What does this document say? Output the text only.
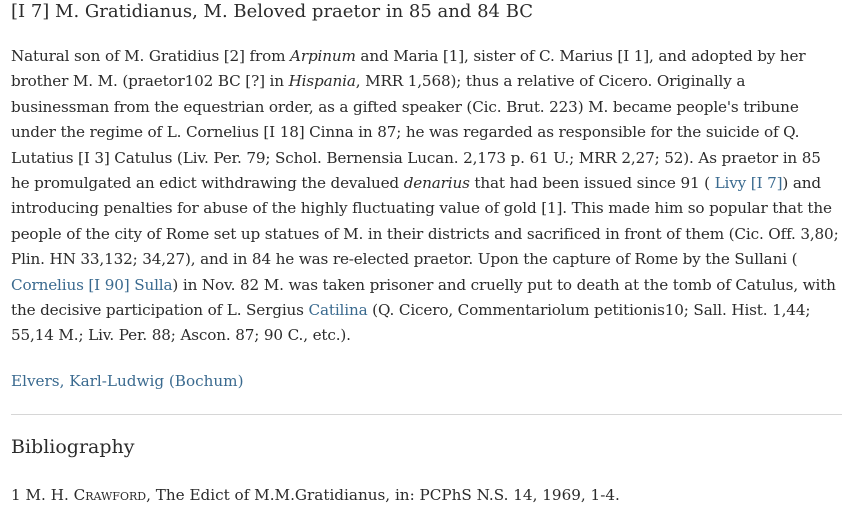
[I 7] M. Gratidianus, M. Beloved praetor in 85 and 84 BC

Natural son of M. Gratidius [2] from Arpinum and Maria [1], sister of C. Marius [I 1], and adopted by her brother M. M. (praetor102 BC [?] in Hispania, MRR 1,568); thus a relative of Cicero. Originally a businessman from the equestrian order, as a gifted speaker (Cic. Brut. 223) M. became people's tribune under the regime of L. Cornelius [I 18] Cinna in 87; he was regarded as responsible for the suicide of Q. Lutatius [I 3] Catulus (Liv. Per. 79; Schol. Bernensia Lucan. 2,173 p. 61 U.; MRR 2,27; 52). As praetor in 85 he promulgated an edict withdrawing the devalued denarius that had been issued since 91 ( Livy [I 7]) and introducing penalties for abuse of the highly fluctuating value of gold [1]. This made him so popular that the people of the city of Rome set up statues of M. in their districts and sacrificed in front of them (Cic. Off. 3,80; Plin. HN 33,132; 34,27), and in 84 he was re-elected praetor. Upon the capture of Rome by the Sullani ( Cornelius [I 90] Sulla) in Nov. 82 M. was taken prisoner and cruelly put to death at the tomb of Catulus, with the decisive participation of L. Sergius Catilina (Q. Cicero, Commentariolum petitionis10; Sall. Hist. 1,44; 55,14 M.; Liv. Per. 88; Ascon. 87; 90 C., etc.).

Elvers, Karl-Ludwig (Bochum)
Bibliography
1 M. H. Crawford, The Edict of M.M.Gratidianus, in: PCPhS N.S. 14, 1969, 1-4.
